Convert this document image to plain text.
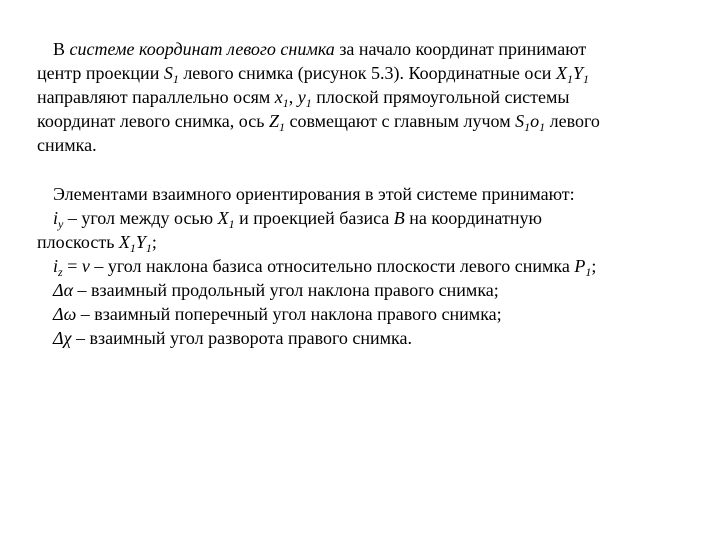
В системе координат левого снимка за начало координат принимают
центр проекции $S_1$ левого снимка (рисунок 5.3). Координатные оси $X_1Y_1$
направляют параллельно осям $x_1$, $y_1$ плоской прямоугольной системы
координат левого снимка, ось $Z_1$ совмещают с главным лучом $S_1o_1$ левого
снимка.
Элементами взаимного ориентирования в этой системе принимают:
$i_y$ – угол между осью $X_1$ и проекцией базиса B на координатную
плоскость $X_1Y_1$;
$i_z = \nu$ – угол наклона базиса относительно плоскости левого снимка $P_1$;
Δα – взаимный продольный угол наклона правого снимка;
Δω – взаимный поперечный угол наклона правого снимка;
Δχ – взаимный угол разворота правого снимка.
